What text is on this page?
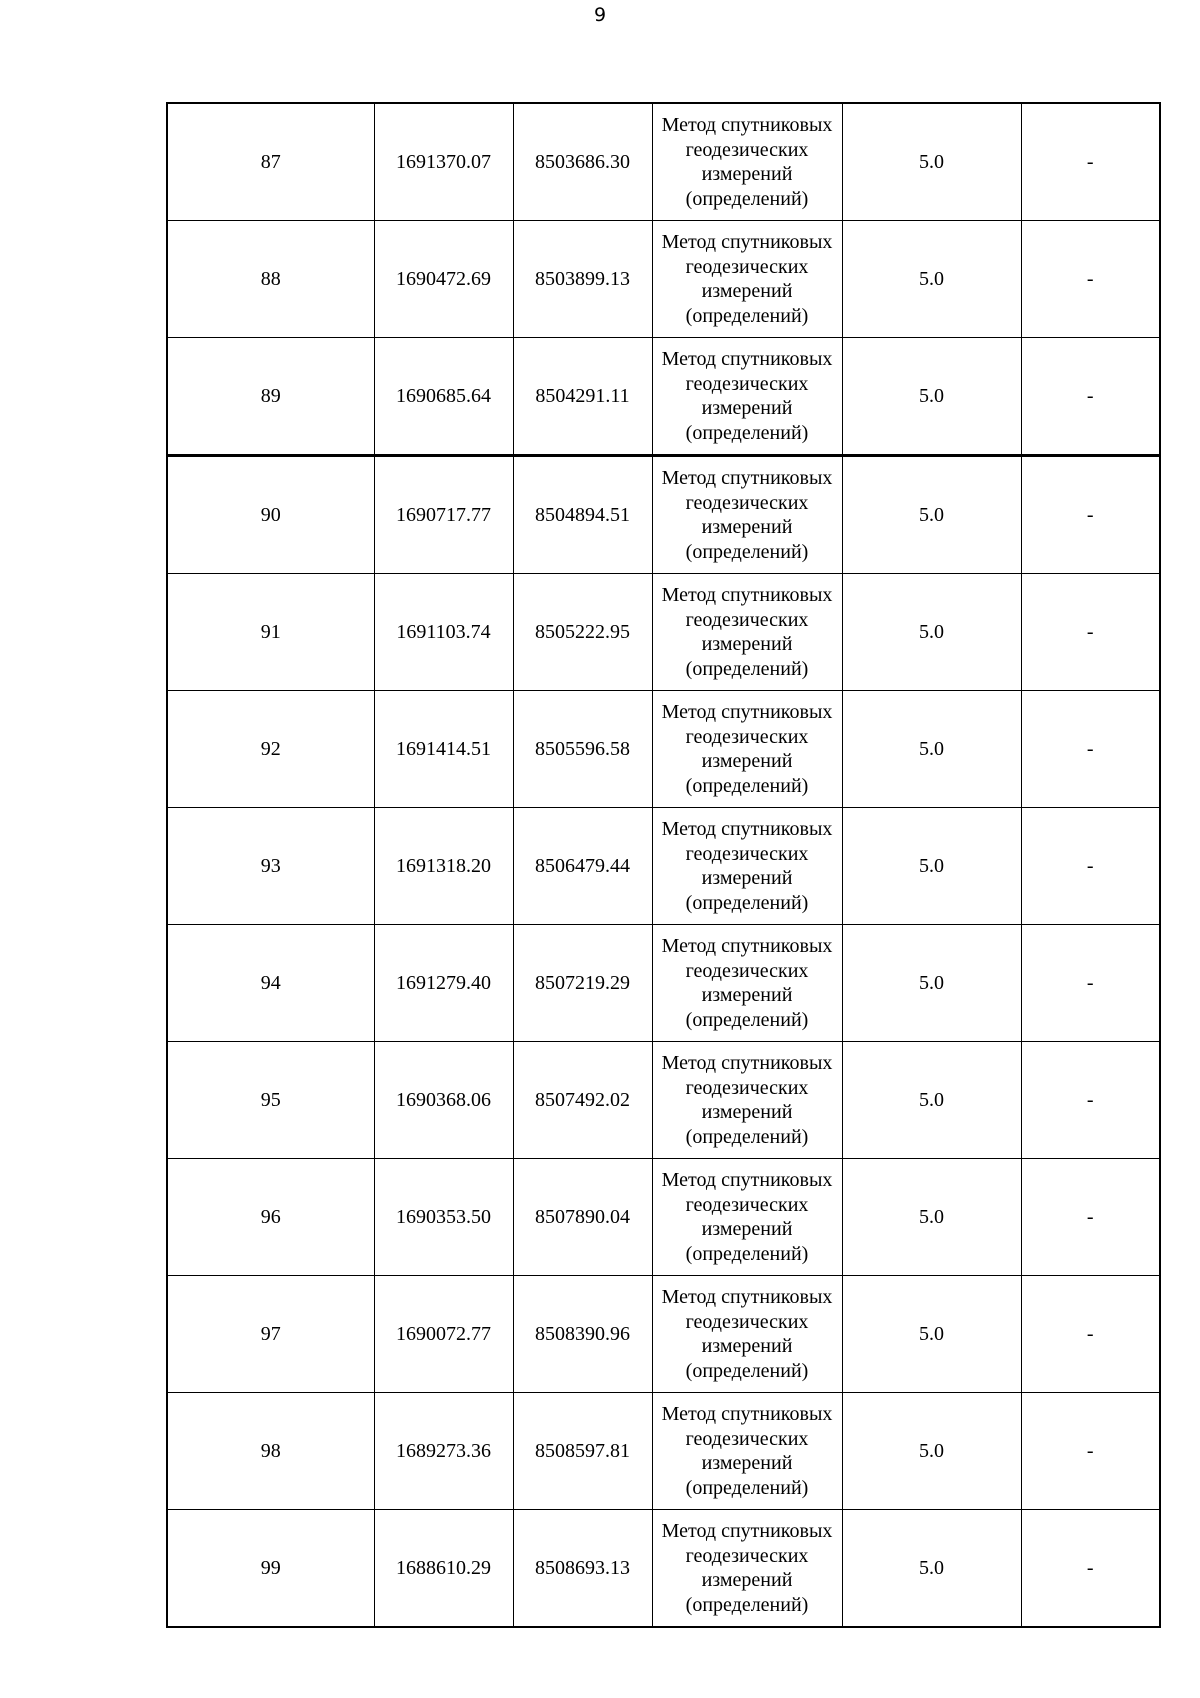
9
87	1691370.07	8503686.30	Метод спутниковых
геодезических
измерений
(определений)	5.0	-
88	1690472.69	8503899.13	Метод спутниковых
геодезических
измерений
(определений)	5.0	-
89	1690685.64	8504291.11	Метод спутниковых
геодезических
измерений
(определений)	5.0	-
90	1690717.77	8504894.51	Метод спутниковых
геодезических
измерений
(определений)	5.0	-
91	1691103.74	8505222.95	Метод спутниковых
геодезических
измерений
(определений)	5.0	-
92	1691414.51	8505596.58	Метод спутниковых
геодезических
измерений
(определений)	5.0	-
93	1691318.20	8506479.44	Метод спутниковых
геодезических
измерений
(определений)	5.0	-
94	1691279.40	8507219.29	Метод спутниковых
геодезических
измерений
(определений)	5.0	-
95	1690368.06	8507492.02	Метод спутниковых
геодезических
измерений
(определений)	5.0	-
96	1690353.50	8507890.04	Метод спутниковых
геодезических
измерений
(определений)	5.0	-
97	1690072.77	8508390.96	Метод спутниковых
геодезических
измерений
(определений)	5.0	-
98	1689273.36	8508597.81	Метод спутниковых
геодезических
измерений
(определений)	5.0	-
99	1688610.29	8508693.13	Метод спутниковых
геодезических
измерений
(определений)	5.0	-
